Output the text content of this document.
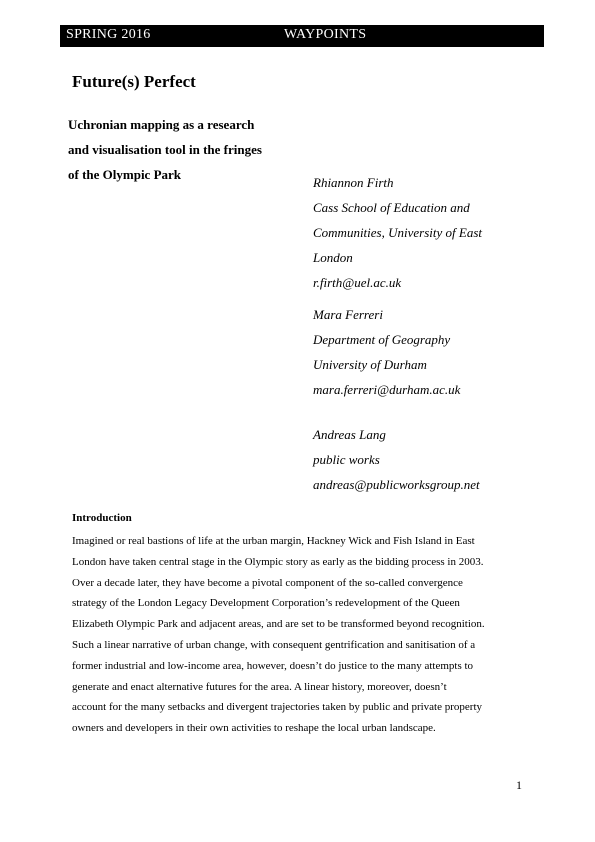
SPRING 2016	WAYPOINTS
Future(s) Perfect
Uchronian mapping as a research
and visualisation tool in the fringes
of the Olympic Park
Rhiannon Firth
Cass School of Education and
Communities, University of East
London
r.firth@uel.ac.uk
Mara Ferreri
Department of Geography
University of Durham
mara.ferreri@durham.ac.uk
Andreas Lang
public works
andreas@publicworksgroup.net
Introduction
Imagined or real bastions of life at the urban margin, Hackney Wick and Fish Island in East
London have taken central stage in the Olympic story as early as the bidding process in 2003.
Over a decade later, they have become a pivotal component of the so-called convergence
strategy of the London Legacy Development Corporation’s redevelopment of the Queen
Elizabeth Olympic Park and adjacent areas, and are set to be transformed beyond recognition.
Such a linear narrative of urban change, with consequent gentrification and sanitisation of a
former industrial and low-income area, however, doesn’t do justice to the many attempts to
generate and enact alternative futures for the area. A linear history, moreover, doesn’t
account for the many setbacks and divergent trajectories taken by public and private property
owners and developers in their own activities to reshape the local urban landscape.
1
